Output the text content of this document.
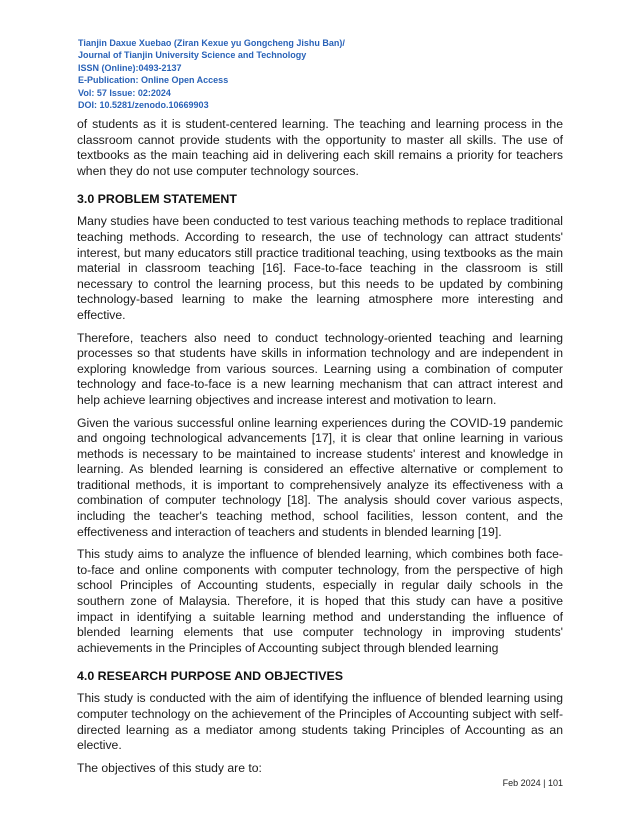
Tianjin Daxue Xuebao (Ziran Kexue yu Gongcheng Jishu Ban)/
Journal of Tianjin University Science and Technology
ISSN (Online):0493-2137
E-Publication: Online Open Access
Vol: 57 Issue: 02:2024
DOI: 10.5281/zenodo.10669903

of students as it is student-centered learning. The teaching and learning process in the classroom cannot provide students with the opportunity to master all skills. The use of textbooks as the main teaching aid in delivering each skill remains a priority for teachers when they do not use computer technology sources.

3.0 PROBLEM STATEMENT

Many studies have been conducted to test various teaching methods to replace traditional teaching methods. According to research, the use of technology can attract students' interest, but many educators still practice traditional teaching, using textbooks as the main material in classroom teaching [16]. Face-to-face teaching in the classroom is still necessary to control the learning process, but this needs to be updated by combining technology-based learning to make the learning atmosphere more interesting and effective.

Therefore, teachers also need to conduct technology-oriented teaching and learning processes so that students have skills in information technology and are independent in exploring knowledge from various sources. Learning using a combination of computer technology and face-to-face is a new learning mechanism that can attract interest and help achieve learning objectives and increase interest and motivation to learn.

Given the various successful online learning experiences during the COVID-19 pandemic and ongoing technological advancements [17], it is clear that online learning in various methods is necessary to be maintained to increase students' interest and knowledge in learning. As blended learning is considered an effective alternative or complement to traditional methods, it is important to comprehensively analyze its effectiveness with a combination of computer technology [18]. The analysis should cover various aspects, including the teacher's teaching method, school facilities, lesson content, and the effectiveness and interaction of teachers and students in blended learning [19].

This study aims to analyze the influence of blended learning, which combines both face-to-face and online components with computer technology, from the perspective of high school Principles of Accounting students, especially in regular daily schools in the southern zone of Malaysia. Therefore, it is hoped that this study can have a positive impact in identifying a suitable learning method and understanding the influence of blended learning elements that use computer technology in improving students' achievements in the Principles of Accounting subject through blended learning

4.0 RESEARCH PURPOSE AND OBJECTIVES

This study is conducted with the aim of identifying the influence of blended learning using computer technology on the achievement of the Principles of Accounting subject with self-directed learning as a mediator among students taking Principles of Accounting as an elective.

The objectives of this study are to:

Feb 2024 | 101
